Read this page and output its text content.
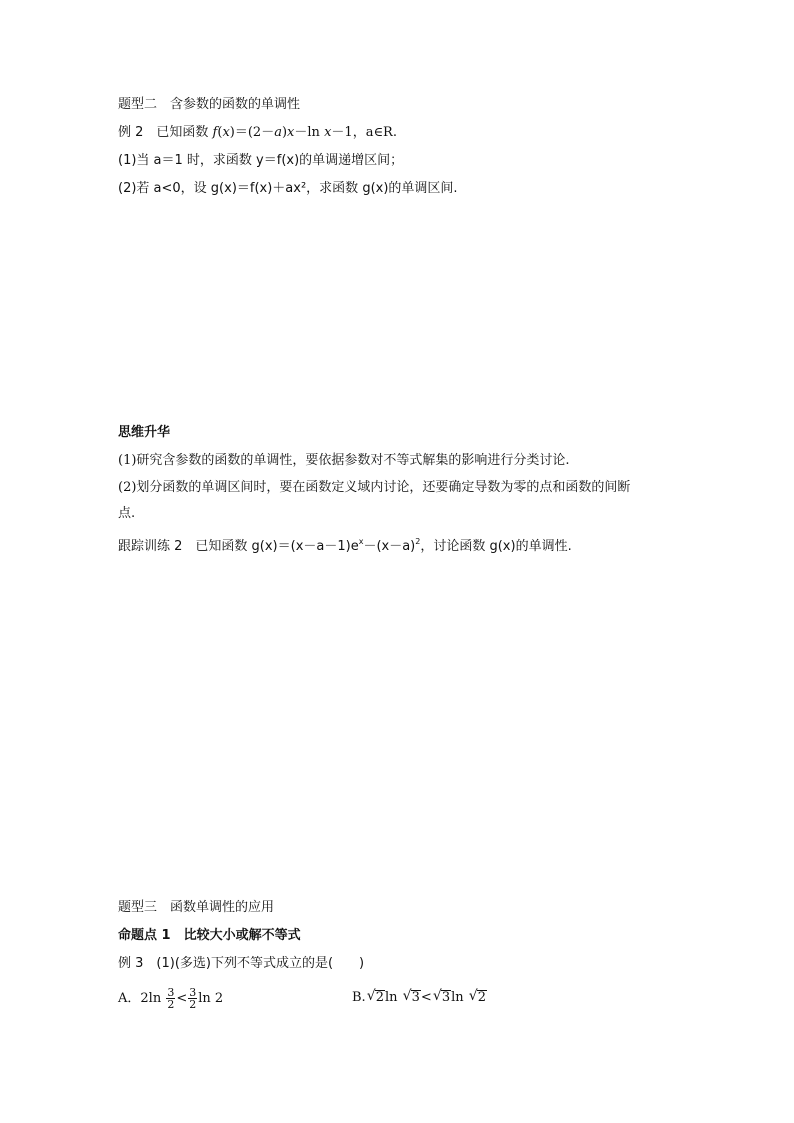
题型二　含参数的函数的单调性
例 2　已知函数 f(x)＝(2－a)x－ln x－1，a∈R.
(1)当 a＝1 时，求函数 y＝f(x)的单调递增区间；
(2)若 a<0，设 g(x)＝f(x)＋ax²，求函数 g(x)的单调区间.
思维升华
(1)研究含参数的函数的单调性，要依据参数对不等式解集的影响进行分类讨论.
(2)划分函数的单调区间时，要在函数定义域内讨论，还要确定导数为零的点和函数的间断
点.
跟踪训练 2　已知函数 $g(x)=(x-a-1)e^x-(x-a)^2$，讨论函数 g(x)的单调性.
题型三　函数单调性的应用
命题点 1　比较大小或解不等式
例 3　(1)(多选)下列不等式成立的是(　　)
A．$2\ln \frac{3}{2} < \frac{3}{2}$ ln 2	B. √ 2ln √ 3< √ 3ln √ 2
